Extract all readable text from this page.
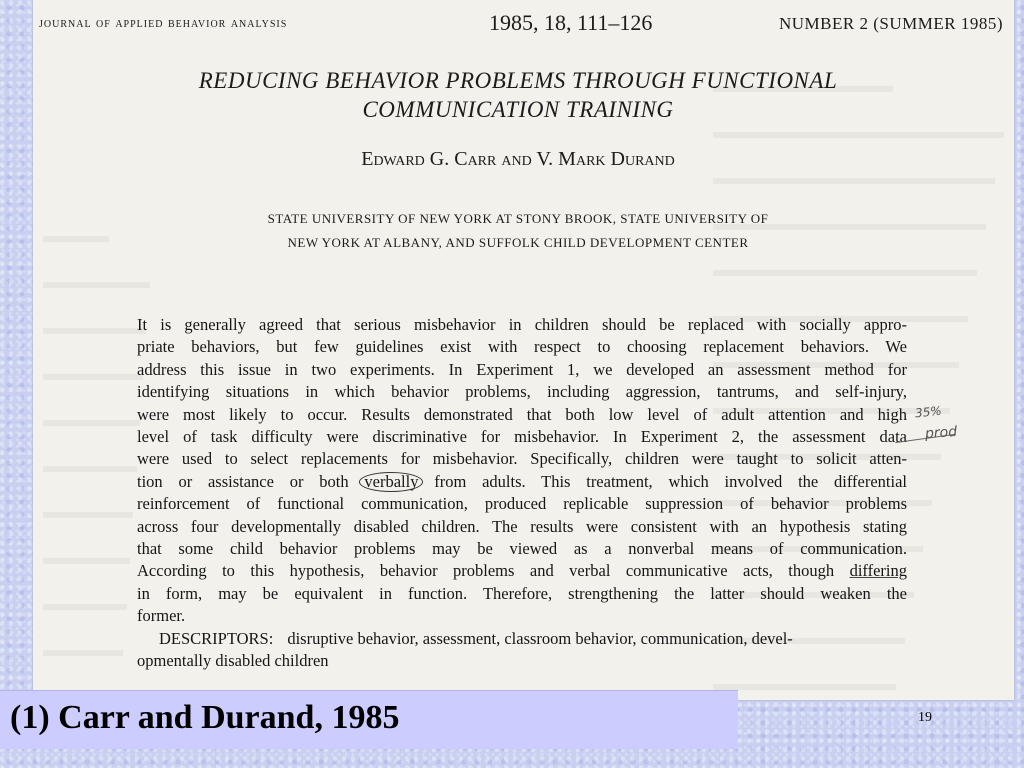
journal of applied behavior analysis	1985, 18, 111–126	NUMBER 2 (SUMMER 1985)
REDUCING BEHAVIOR PROBLEMS THROUGH FUNCTIONAL
COMMUNICATION TRAINING
Edward G. Carr and V. Mark Durand
STATE UNIVERSITY OF NEW YORK AT STONY BROOK, STATE UNIVERSITY OF
NEW YORK AT ALBANY, AND SUFFOLK CHILD DEVELOPMENT CENTER
It is generally agreed that serious misbehavior in children should be replaced with socially appro-
priate behaviors, but few guidelines exist with respect to choosing replacement behaviors. We
address this issue in two experiments. In Experiment 1, we developed an assessment method for
identifying situations in which behavior problems, including aggression, tantrums, and self-injury,
were most likely to occur. Results demonstrated that both low level of adult attention and high
level of task difficulty were discriminative for misbehavior. In Experiment 2, the assessment data
were used to select replacements for misbehavior. Specifically, children were taught to solicit atten-
tion or assistance or both verbally from adults. This treatment, which involved the differential
reinforcement of functional communication, produced replicable suppression of behavior problems
across four developmentally disabled children. The results were consistent with an hypothesis stating
that some child behavior problems may be viewed as a nonverbal means of communication.
According to this hypothesis, behavior problems and verbal communicative acts, though differing
in form, may be equivalent in function. Therefore, strengthening the latter should weaken the
former.
DESCRIPTORS: disruptive behavior, assessment, classroom behavior, communication, devel-
opmentally disabled children
35%
prod
(1) Carr and Durand, 1985	19
